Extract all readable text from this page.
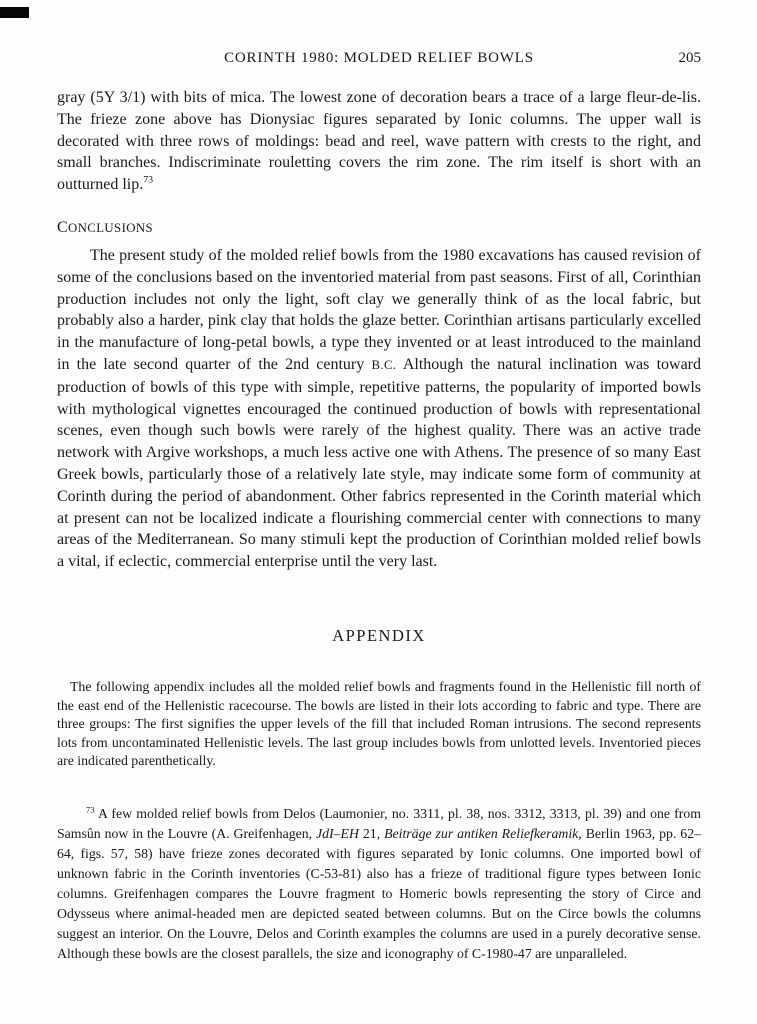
CORINTH 1980: MOLDED RELIEF BOWLS	205

gray (5Y 3/1) with bits of mica. The lowest zone of decoration bears a trace of a large fleur-de-lis. The frieze zone above has Dionysiac figures separated by Ionic columns. The upper wall is decorated with three rows of moldings: bead and reel, wave pattern with crests to the right, and small branches. Indiscriminate rouletting covers the rim zone. The rim itself is short with an outturned lip.$^{73}$

CONCLUSIONS

The present study of the molded relief bowls from the 1980 excavations has caused revision of some of the conclusions based on the inventoried material from past seasons. First of all, Corinthian production includes not only the light, soft clay we generally think of as the local fabric, but probably also a harder, pink clay that holds the glaze better. Corinthian artisans particularly excelled in the manufacture of long-petal bowls, a type they invented or at least introduced to the mainland in the late second quarter of the 2nd century B.C. Although the natural inclination was toward production of bowls of this type with simple, repetitive patterns, the popularity of imported bowls with mythological vignettes encouraged the continued production of bowls with representational scenes, even though such bowls were rarely of the highest quality. There was an active trade network with Argive workshops, a much less active one with Athens. The presence of so many East Greek bowls, particularly those of a relatively late style, may indicate some form of community at Corinth during the period of abandonment. Other fabrics represented in the Corinth material which at present can not be localized indicate a flourishing commercial center with connections to many areas of the Mediterranean. So many stimuli kept the production of Corinthian molded relief bowls a vital, if eclectic, commercial enterprise until the very last.

APPENDIX

The following appendix includes all the molded relief bowls and fragments found in the Hellenistic fill north of the east end of the Hellenistic racecourse. The bowls are listed in their lots according to fabric and type. There are three groups: The first signifies the upper levels of the fill that included Roman intrusions. The second represents lots from uncontaminated Hellenistic levels. The last group includes bowls from unlotted levels. Inventoried pieces are indicated parenthetically.

$^{73}$ A few molded relief bowls from Delos (Laumonier, no. 3311, pl. 38, nos. 3312, 3313, pl. 39) and one from Samsûn now in the Louvre (A. Greifenhagen, JdI–EH 21, Beiträge zur antiken Reliefkeramik, Berlin 1963, pp. 62–64, figs. 57, 58) have frieze zones decorated with figures separated by Ionic columns. One imported bowl of unknown fabric in the Corinth inventories (C-53-81) also has a frieze of traditional figure types between Ionic columns. Greifenhagen compares the Louvre fragment to Homeric bowls representing the story of Circe and Odysseus where animal-headed men are depicted seated between columns. But on the Circe bowls the columns suggest an interior. On the Louvre, Delos and Corinth examples the columns are used in a purely decorative sense. Although these bowls are the closest parallels, the size and iconography of C-1980-47 are unparalleled.
